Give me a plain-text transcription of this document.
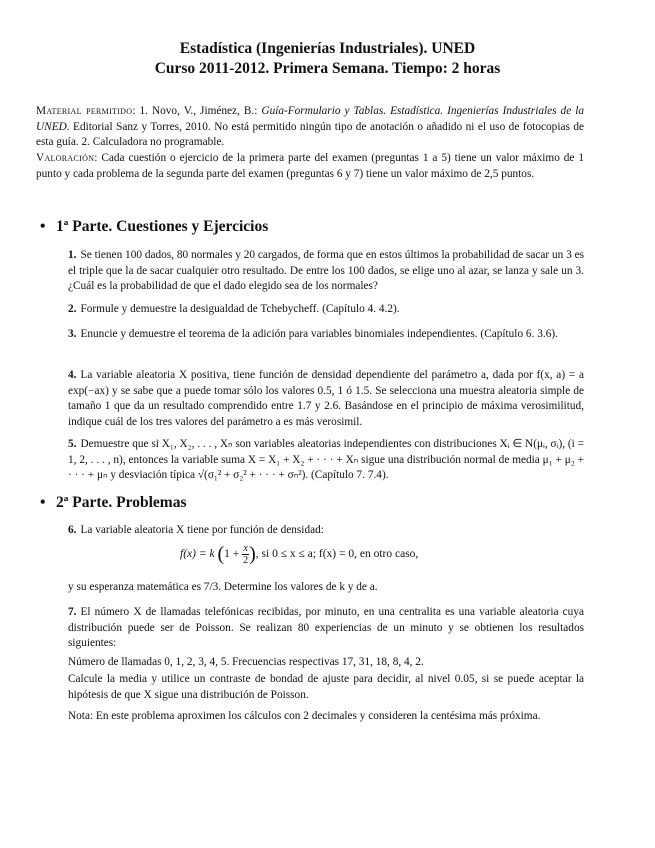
Estadística (Ingenierías Industriales). UNED
Curso 2011-2012. Primera Semana. Tiempo: 2 horas
Material permitido: 1. Novo, V., Jiménez, B.: Guía-Formulario y Tablas. Estadística. Ingenierías Industriales de la UNED. Editorial Sanz y Torres, 2010. No está permitido ningún tipo de anotación o añadido ni el uso de fotocopias de esta guía. 2. Calculadora no programable.
Valoración: Cada cuestión o ejercicio de la primera parte del examen (preguntas 1 a 5) tiene un valor máximo de 1 punto y cada problema de la segunda parte del examen (preguntas 6 y 7) tiene un valor máximo de 2,5 puntos.
• 1ª Parte. Cuestiones y Ejercicios
1. Se tienen 100 dados, 80 normales y 20 cargados, de forma que en estos últimos la probabilidad de sacar un 3 es el triple que la de sacar cualquier otro resultado. De entre los 100 dados, se elige uno al azar, se lanza y sale un 3. ¿Cuál es la probabilidad de que el dado elegido sea de los normales?
2. Formule y demuestre la desigualdad de Tchebycheff. (Capítulo 4. 4.2).
3. Enuncie y demuestre el teorema de la adición para variables binomiales independientes. (Capítulo 6. 3.6).
4. La variable aleatoria X positiva, tiene función de densidad dependiente del parámetro a, dada por f(x, a) = a exp(−ax) y se sabe que a puede tomar sólo los valores 0.5, 1 ó 1.5. Se selecciona una muestra aleatoria simple de tamaño 1 que da un resultado comprendido entre 1.7 y 2.6. Basándose en el principio de máxima verosimilitud, indique cuál de los tres valores del parámetro a es más verosimil.
5. Demuestre que si X₁, X₂, . . . , Xₙ son variables aleatorias independientes con distribuciones Xᵢ ∈ N(μᵢ, σᵢ), (i = 1, 2, . . . , n), entonces la variable suma X = X₁ + X₂ + · · · + Xₙ sigue una distribución normal de media μ₁ + μ₂ + · · · + μₙ y desviación típica √(σ₁² + σ₂² + · · · + σₙ²). (Capítulo 7. 7.4).
• 2ª Parte. Problemas
6. La variable aleatoria X tiene por función de densidad:
f(x) = k ($1 + \frac{x}{2}$ ), si 0 ≤ x ≤ a; f(x) = 0, en otro caso,
y su esperanza matemática es 7/3. Determine los valores de k y de a.
7. El número X de llamadas telefónicas recibidas, por minuto, en una centralita es una variable aleatoria cuya distribución puede ser de Poisson. Se realizan 80 experiencias de un minuto y se obtienen los resultados siguientes:
Número de llamadas 0, 1, 2, 3, 4, 5. Frecuencias respectivas 17, 31, 18, 8, 4, 2.
Calcule la media y utilice un contraste de bondad de ajuste para decidir, al nivel 0.05, si se puede aceptar la hipótesis de que X sigue una distribución de Poisson.
Nota: En este problema aproximen los cálculos con 2 decimales y consideren la centésima más próxima.
